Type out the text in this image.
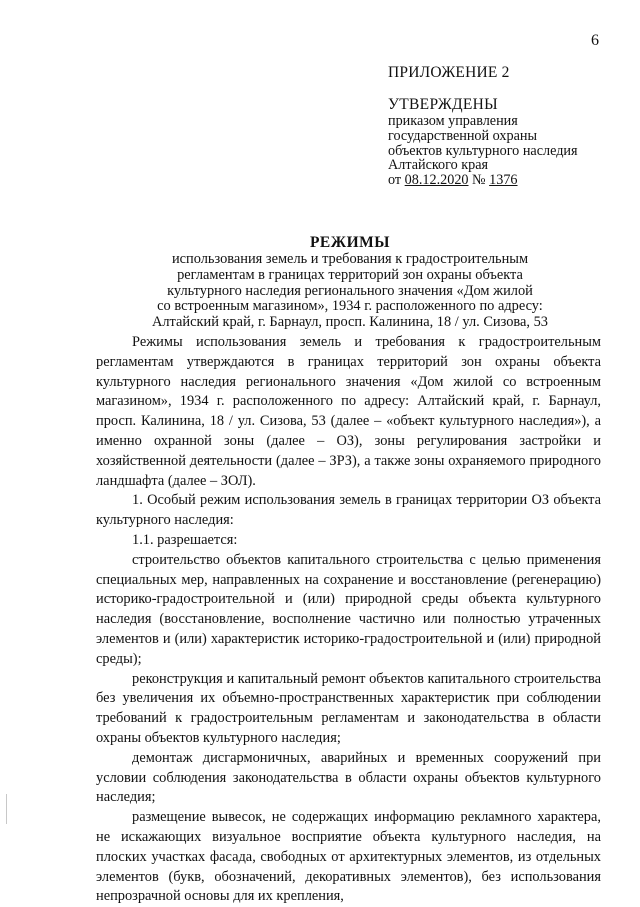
6
ПРИЛОЖЕНИЕ 2
УТВЕРЖДЕНЫ
приказом управления
государственной охраны
объектов культурного наследия
Алтайского края
от 08.12.2020 № 1376
РЕЖИМЫ
использования земель и требования к градостроительным
регламентам в границах территорий зон охраны объекта
культурного наследия регионального значения «Дом жилой
со встроенным магазином», 1934 г. расположенного по адресу:
Алтайский край, г. Барнаул, просп. Калинина, 18 / ул. Сизова, 53

Режимы использования земель и требования к градостроительным регламентам утверждаются в границах территорий зон охраны объекта культурного наследия регионального значения «Дом жилой со встроенным магазином», 1934 г. расположенного по адресу: Алтайский край, г. Барнаул, просп. Калинина, 18 / ул. Сизова, 53 (далее – «объект культурного наследия»), а именно охранной зоны (далее – ОЗ), зоны регулирования застройки и хозяйственной деятельности (далее – ЗРЗ), а также зоны охраняемого природного ландшафта (далее – ЗОЛ).

1. Особый режим использования земель в границах территории ОЗ объекта культурного наследия:

1.1. разрешается:

строительство объектов капитального строительства с целью применения специальных мер, направленных на сохранение и восстановление (регенерацию) историко-градостроительной и (или) природной среды объекта культурного наследия (восстановление, восполнение частично или полностью утраченных элементов и (или) характеристик историко-градостроительной и (или) природной среды);

реконструкция и капитальный ремонт объектов капитального строительства без увеличения их объемно-пространственных характеристик при соблюдении требований к градостроительным регламентам и законодательства в области охраны объектов культурного наследия;

демонтаж дисгармоничных, аварийных и временных сооружений при условии соблюдения законодательства в области охраны объектов культурного наследия;

размещение вывесок, не содержащих информацию рекламного характера, не искажающих визуальное восприятие объекта культурного наследия, на плоских участках фасада, свободных от архитектурных элементов, из отдельных элементов (букв, обозначений, декоративных элементов), без использования непрозрачной основы для их крепления,
